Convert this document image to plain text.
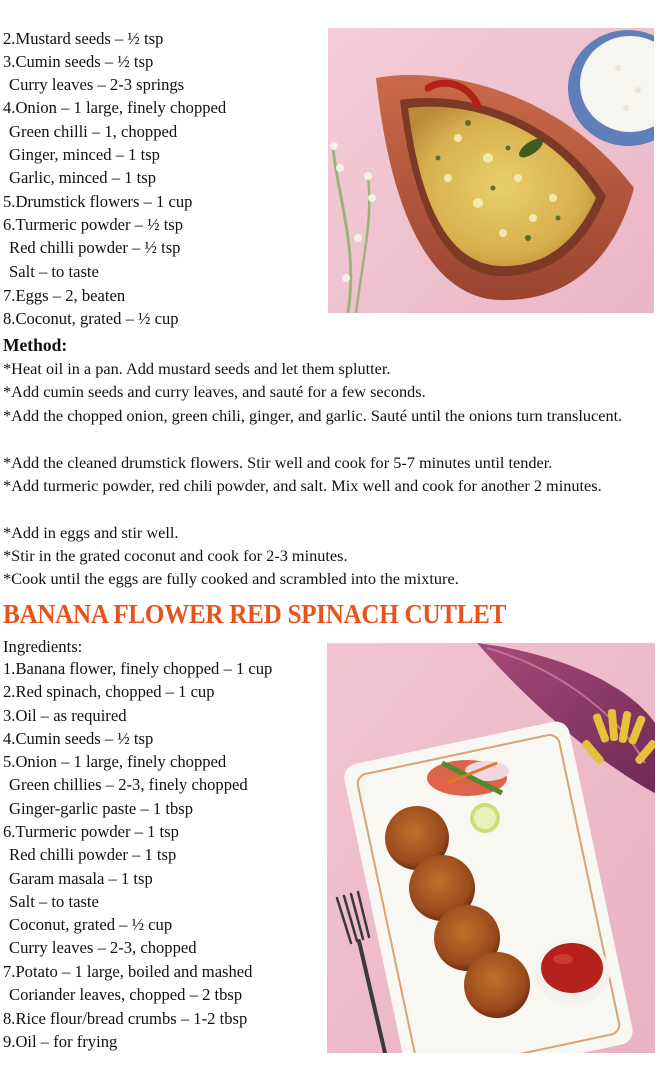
2.Mustard seeds – ½ tsp
3.Cumin seeds – ½ tsp
Curry leaves – 2-3 springs
4.Onion – 1 large, finely chopped
Green chilli – 1, chopped
Ginger, minced – 1 tsp
Garlic, minced – 1 tsp
5.Drumstick flowers – 1 cup
6.Turmeric powder – ½ tsp
Red chilli powder – ½ tsp
Salt – to taste
7.Eggs – 2, beaten
8.Coconut, grated – ½ cup
Method:
*Heat oil in a pan. Add mustard seeds and let them splutter.
*Add cumin seeds and curry leaves, and sauté for a few seconds.
*Add the chopped onion, green chili, ginger, and garlic. Sauté until the onions turn translucent.
*Add the cleaned drumstick flowers. Stir well and cook for 5-7 minutes until tender.
*Add turmeric powder, red chili powder, and salt. Mix well and cook for another 2 minutes.
*Add in eggs and stir well.
*Stir in the grated coconut and cook for 2-3 minutes.
*Cook until the eggs are fully cooked and scrambled into the mixture.
BANANA FLOWER RED SPINACH CUTLET
Ingredients:
1.Banana flower, finely chopped – 1 cup
2.Red spinach, chopped – 1 cup
3.Oil – as required
4.Cumin seeds – ½ tsp
5.Onion – 1 large, finely chopped
Green chillies – 2-3, finely chopped
Ginger-garlic paste – 1 tbsp
6.Turmeric powder – 1 tsp
Red chilli powder – 1 tsp
Garam masala – 1 tsp
Salt – to taste
Coconut, grated – ½ cup
Curry leaves – 2-3, chopped
7.Potato – 1 large, boiled and mashed
Coriander leaves, chopped – 2 tbsp
8.Rice flour/bread crumbs – 1-2 tbsp
9.Oil – for frying
